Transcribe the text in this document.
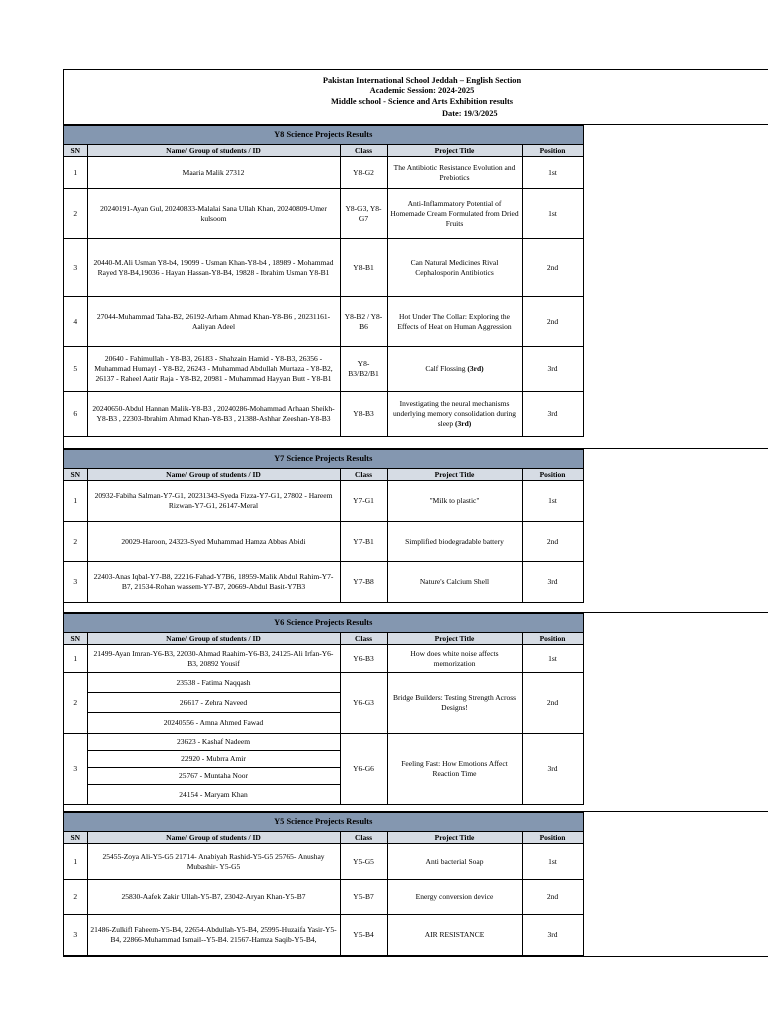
Pakistan International School Jeddah – English Section
Academic Session: 2024-2025
Middle school - Science and Arts Exhibition results
Date: 19/3/2025
Y8 Science Projects Results					
SN	Name/ Group of students / ID	Class	Project Title	Position	
1	Maaria Malik 27312	Y8-G2	The Antibiotic Resistance Evolution and Prebiotics	1st	
2	20240191-Ayan Gul, 20240833-Malalai Sana Ullah Khan, 20240809-Umer kulsoom	Y8-G3, Y8-G7	Anti-Inflammatory Potential of Homemade Cream Formulated from Dried Fruits	1st	
3	20440-M.Ali Usman Y8-b4, 19099 - Usman Khan-Y8-b4 , 18989 - Mohammad Rayed Y8-B4,19036 - Hayan Hassan-Y8-B4, 19828 - Ibrahim Usman Y8-B1	Y8-B1	Can Natural Medicines Rival Cephalosporin Antibiotics	2nd	
4	27044-Muhammad Taha-B2, 26192-Arham Ahmad Khan-Y8-B6 , 20231161-Aaliyan Adeel	Y8-B2 / Y8-B6	Hot Under The Collar: Exploring the Effects of Heat on Human Aggression	2nd	
5	20640 - Fahimullah - Y8-B3, 26183 - Shahzain Hamid - Y8-B3, 26356 - Muhammad Humayl - Y8-B2, 26243 - Muhammad Abdullah Murtaza - Y8-B2, 26137 - Raheel Aatir Raja - Y8-B2, 20981 - Muhammad Hayyan Butt - Y8-B1	Y8-B3/B2/B1	Calf Flossing (3rd)	3rd	
6	20240650-Abdul Hannan Malik-Y8-B3 , 20240286-Mohammad Arhaan Sheikh-Y8-B3 , 22303-Ibrahim Ahmad Khan-Y8-B3 , 21388-Ashhar Zeeshan-Y8-B3	Y8-B3	Investigating the neural mechanisms underlying memory consolidation during sleep (3rd)	3rd	
Y7 Science Projects Results					
SN	Name/ Group of students / ID	Class	Project Title	Position	
1	20932-Fabiha Salman-Y7-G1, 20231343-Syeda Fizza-Y7-G1, 27802 - Hareem Rizwan-Y7-G1, 26147-Meral	Y7-G1	"Milk to plastic"	1st	
2	20029-Haroon, 24323-Syed Muhammad Hamza Abbas Abidi	Y7-B1	Simplified biodegradable battery	2nd	
3	22403-Anas Iqbal-Y7-B8, 22216-Fahad-Y7B6, 18959-Malik Abdul Rahim-Y7-B7, 21534-Rohan wassem-Y7-B7, 20669-Abdul Basit-Y7B3	Y7-B8	Nature's Calcium Shell	3rd	
Y6 Science Projects Results					
SN	Name/ Group of students / ID	Class	Project Title	Position	
1	21499-Ayan Imran-Y6-B3, 22030-Ahmad Raahim-Y6-B3, 24125-Ali Irfan-Y6-B3, 20892 Yousif	Y6-B3	How does white noise affects memorization	1st	
2	23538 - Fatima Naqqash	Y6-G3	Bridge Builders: Testing Strength Across Designs!	2nd	
	26617 - Zehra Naveed				
	20240556 - Amna Ahmed Fawad				
3	23623 - Kashaf Nadeem	Y6-G6	Feeling Fast: How Emotions Affect Reaction Time	3rd	
	22920 - Mubrra Amir				
	25767 - Muntaha Noor				
	24154 - Maryam Khan				
Y5 Science Projects Results					
SN	Name/ Group of students / ID	Class	Project Title	Position	
1	25455-Zoya Ali-Y5-G5 21714- Anabiyah Rashid-Y5-G5 25765- Anushay Mubashir- Y5-G5	Y5-G5	Anti bacterial Soap	1st	
2	25830-Aafek Zakir Ullah-Y5-B7, 23042-Aryan Khan-Y5-B7	Y5-B7	Energy conversion device	2nd	
3	21486-Zulkifl Faheem-Y5-B4, 22654-Abdullah-Y5-B4, 25995-Huzaifa Yasir-Y5-B4, 22866-Muhammad Ismail--Y5-B4. 21567-Hamza Saqib-Y5-B4,	Y5-B4	AIR RESISTANCE	3rd	
